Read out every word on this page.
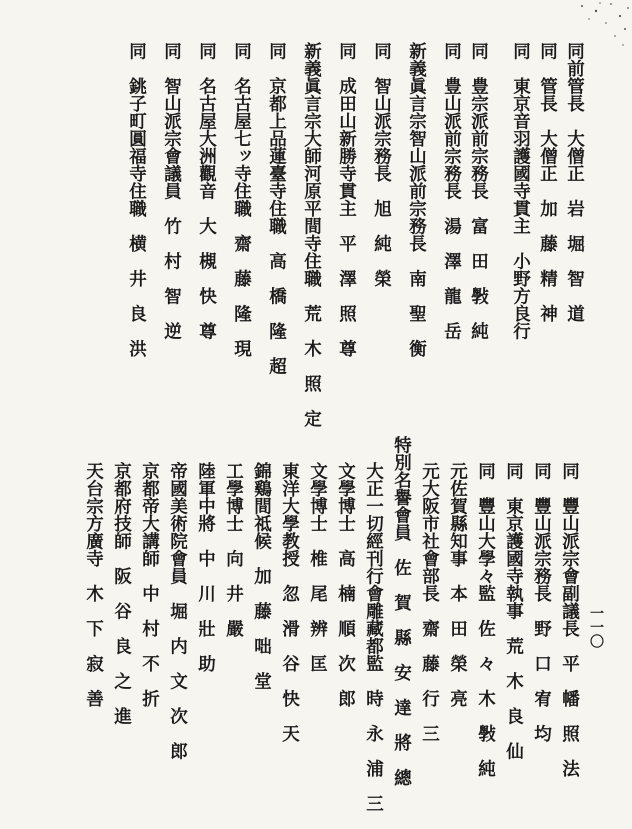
同前管長　大僧正　岩　堀　智　道
同　管長　大僧正　加　藤　精　神
同　東京音羽護國寺貫主　小野方良行
同　豊宗派前宗務長　富　田　斅　純
同　豊山派前宗務長　湯　澤　龍　岳
新義眞言宗智山派前宗務長　南　聖　衡
同　智山派宗務長　旭　純　榮
同　成田山新勝寺貫主　平　澤　照　尊
新義眞言宗大師河原平間寺住職　荒　木　照　定
同　京都上品蓮臺寺住職　高　橋　隆　超
同　名古屋七ッ寺住職　齋　藤　隆　現
同　名古屋大洲觀音　大　槻　快　尊
同　智山派宗會議員　竹　村　智　逆
同　銚子町圓福寺住職　横　井　良　洪
同　豐山派宗會副議長　平　幡　照　法
同　豐山派宗務長　野　口　宥　均
同　東京護國寺執事　荒　木　良　仙
同　豐山大學々監　佐　々　木　斅　純
元佐賀縣知事　本　田　榮　亮
元大阪市社會部長　齋　藤　行　三
特別名譽會員　佐　賀　縣　安　達　將　總
大正一切經刊行會雕藏都監　時　永　浦　三
文學博士　高　楠　順　次　郎
文學博士　椎　尾　辨　匡
東洋大學教授　忽　滑　谷　快　天
錦鷄間祗候　加　藤　咄　堂
工學博士　向　井　嚴
陸軍中將　中　川　壯　助
帝國美術院會員　堀　内　文　次　郎
京都帝大講師　中　村　不　折
京都府技師　阪　谷　良　之　進
天台宗方廣寺　木　下　寂　善	一一〇
